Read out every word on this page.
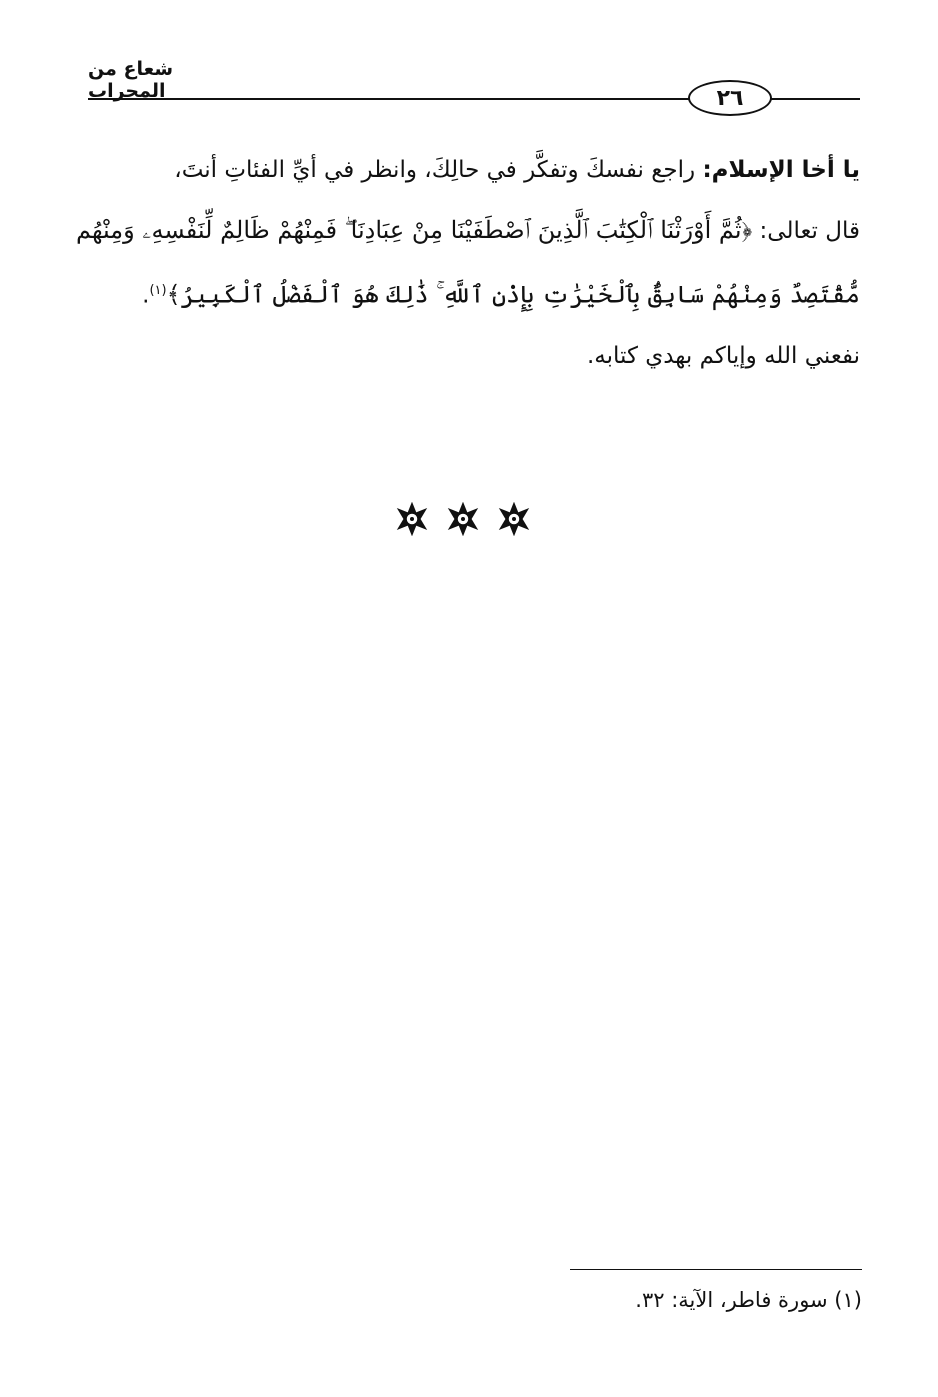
شعاع من المحراب	٢٦
يا أخا الإسلام: راجع نفسكَ وتفكَّر في حالِكَ، وانظر في أيِّ الفئاتِ أنتَ،
قال تعالى: ﴿ثُمَّ أَوْرَثْنَا ٱلْكِتَٰبَ ٱلَّذِينَ ٱصْطَفَيْنَا مِنْ عِبَادِنَا ۖ فَمِنْهُمْ ظَالِمٌ لِّنَفْسِهِۦ وَمِنْهُم
مُّقْتَصِدٌ وَمِنْهُمْ سَابِقٌۢ بِٱلْخَيْرَٰتِ بِإِذْنِ ٱللَّهِ ۚ ذَٰلِكَ هُوَ ٱلْفَضْلُ ٱلْكَبِيرُ﴾$^{(١)}$.
نفعني الله وإياكم بهدي كتابه.
(١) سورة فاطر، الآية: ٣٢.
